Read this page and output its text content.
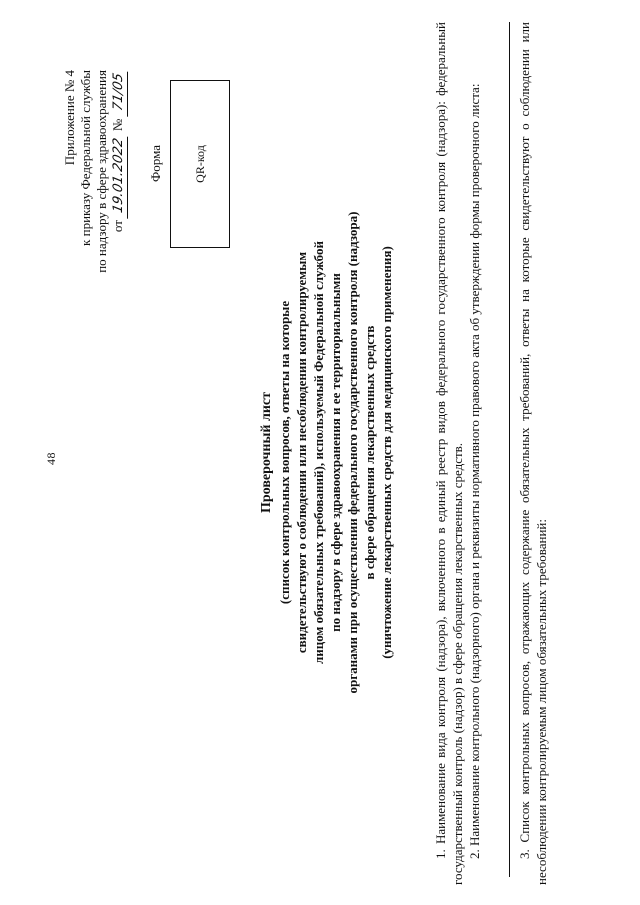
48
Приложение № 4 к приказу Федеральной службы по надзору в сфере здравоохранения от 19.01.2022 № 71/05
Форма QR-код
Проверочный лист (список контрольных вопросов, ответы на которые свидетельствуют о соблюдении или несоблюдении контролируемым лицом обязательных требований), используемый Федеральной службой по надзору в сфере здравоохранения и ее территориальными органами при осуществлении федерального государственного контроля (надзора) в сфере обращения лекарственных средств (уничтожение лекарственных средств для медицинского применения)	1. Наименование вида контроля (надзора), включенного в единый реестр видов федерального государственного контроля (надзора): федеральный государственный контроль (надзор) в сфере обращения лекарственных средств. 2. Наименование контрольного (надзорного) органа и реквизиты нормативного правового акта об утверждении формы проверочного листа:	3. Список контрольных вопросов, отражающих содержание обязательных требований, ответы на которые свидетельствуют о соблюдении или несоблюдении контролируемым лицом обязательных требований:
